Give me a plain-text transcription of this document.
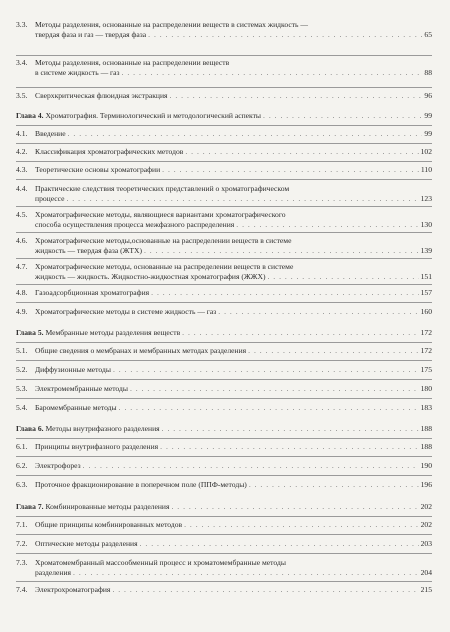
3.3.	Методы разделения, основанные на распределении веществ в системах жидкость —
твердая фаза и газ — твердая фаза . . .	65
3.4.	Методы разделения, основанные на распределении веществ
в системе жидкость — газ . . .	88
3.5.	Сверхкритическая флюидная экстракция . . .	96
Глава 4. Хроматография. Терминологический и методологический аспекты . . .	99
4.1.	Введение . . .	99
4.2.	Классификация хроматографических методов . . .	102
4.3.	Теоретические основы хроматографии . . .	110
4.4.	Практические следствия теоретических представлений о хроматографическом
процессе . . .	123
4.5.	Хроматографические методы, являющиеся вариантами хроматографического
способа осуществления процесса межфазного распределения . . .	130
4.6.	Хроматографические методы,основанные на распределении веществ в системе
жидкость — твердая фаза (ЖТХ) . . .	139
4.7.	Хроматографические методы, основанные на распределении веществ в системе
жидкость — жидкость. Жидкостно-жидкостная хроматография (ЖЖХ) . . .	151
4.8.	Газоадсорбционная хроматография . . .	157
4.9.	Хроматографические методы в системе жидкость — газ . . .	160
Глава 5. Мембранные методы разделения веществ . . .	172
5.1.	Общие сведения о мембранах и мембранных методах разделения . . .	172
5.2.	Диффузионные методы . . .	175
5.3.	Электромембранные методы . . .	180
5.4.	Баромембранные методы . . .	183
Глава 6. Методы внутрифазного разделения . . .	188
6.1.	Принципы внутрифазного разделения . . .	188
6.2.	Электрофорез . . .	190
6.3.	Проточное фракционирование в поперечном поле (ППФ-методы) . . .	196
Глава 7. Комбинированные методы разделения . . .	202
7.1.	Общие принципы комбинированных методов . . .	202
7.2.	Оптические методы разделения . . .	203
7.3.	Хроматомембранный массообменный процесс и хроматомембранные методы
разделения . . .	204
7.4.	Электрохроматография . . .	215
